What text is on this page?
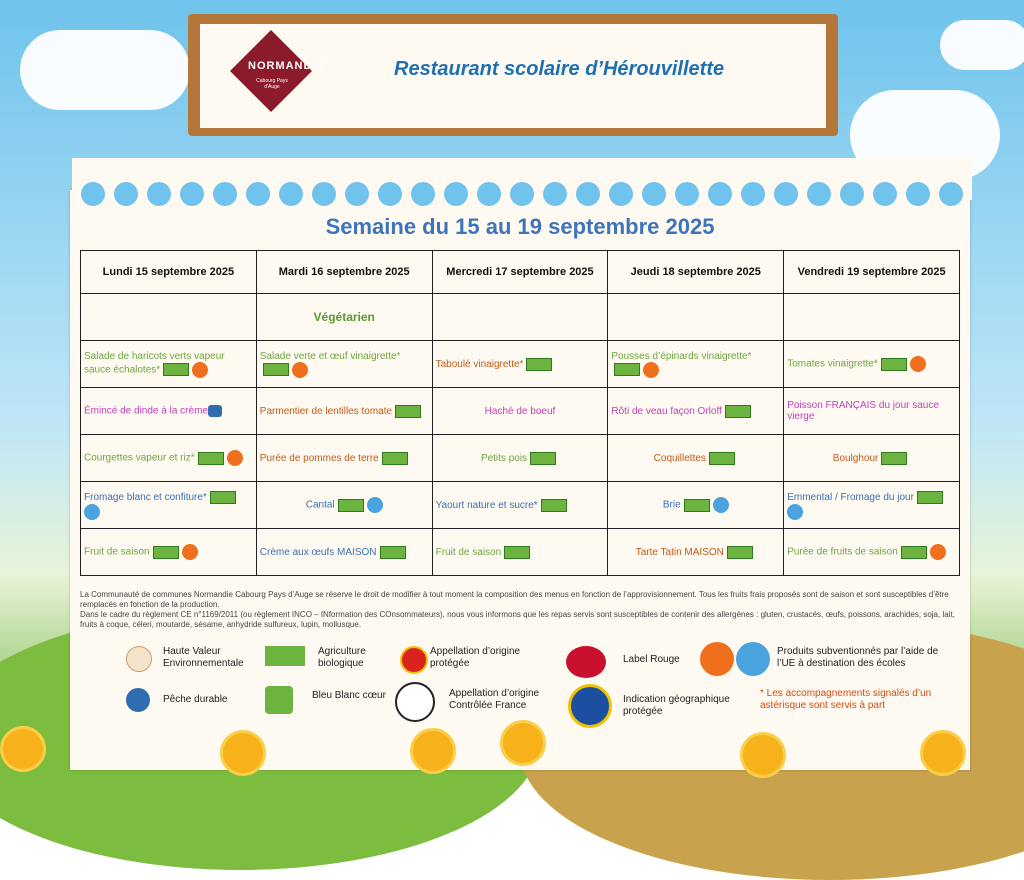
NORMANDIE
Cabourg Pays d'Auge
Restaurant scolaire d’Hérouvillette
Semaine du 15 au 19 septembre 2025
Lundi 15 septembre 2025	Mardi 16 septembre 2025	Mercredi 17 septembre 2025	Jeudi 18 septembre 2025	Vendredi 19 septembre 2025
	Végétarien			
Salade de haricots verts vapeur sauce échalotes*	Salade verte et œuf vinaigrette*	Taboulé vinaigrette*	Pousses d’épinards vinaigrette*	Tomates vinaigrette*
Émincé de dinde à la crème	Parmentier de lentilles tomate	Haché de boeuf	Rôti de veau façon Orloff	Poisson FRANÇAIS du jour sauce vierge
Courgettes vapeur et riz*	Purée de pommes de terre	Petits pois	Coquillettes	Boulghour
Fromage blanc et confiture*	Cantal	Yaourt nature et sucre*	Brie	Emmental / Fromage du jour
Fruit de saison	Crème aux œufs MAISON	Fruit de saison	Tarte Tatin MAISON	Purée de fruits de saison
La Communauté de communes Normandie Cabourg Pays d’Auge se réserve le droit de modifier à tout moment la composition des menus en fonction de l’approvisionnement. Tous les fruits frais proposés sont de saison et sont susceptibles d’être remplacés en fonction de la production.
Dans le cadre du règlement CE n°1169/2011 (ou règlement INCO – INformation des COnsommateurs), nous vous informons que les repas servis sont susceptibles de contenir des allergènes : gluten, crustacés, œufs, poissons, arachides, soja, lait, fruits à coque, céleri, moutarde, sésame, anhydride sulfureux, lupin, mollusque.
Haute Valeur Environnementale
Agriculture biologique
Appellation d’origine protégée	Label Rouge
Produits subventionnés par l’aide de l’UE à destination des écoles
Pêche durable	Bleu Blanc cœur	Appellation d’origine Contrôlée France
Indication géographique protégée
* Les accompagnements signalés d’un astérisque sont servis à part
